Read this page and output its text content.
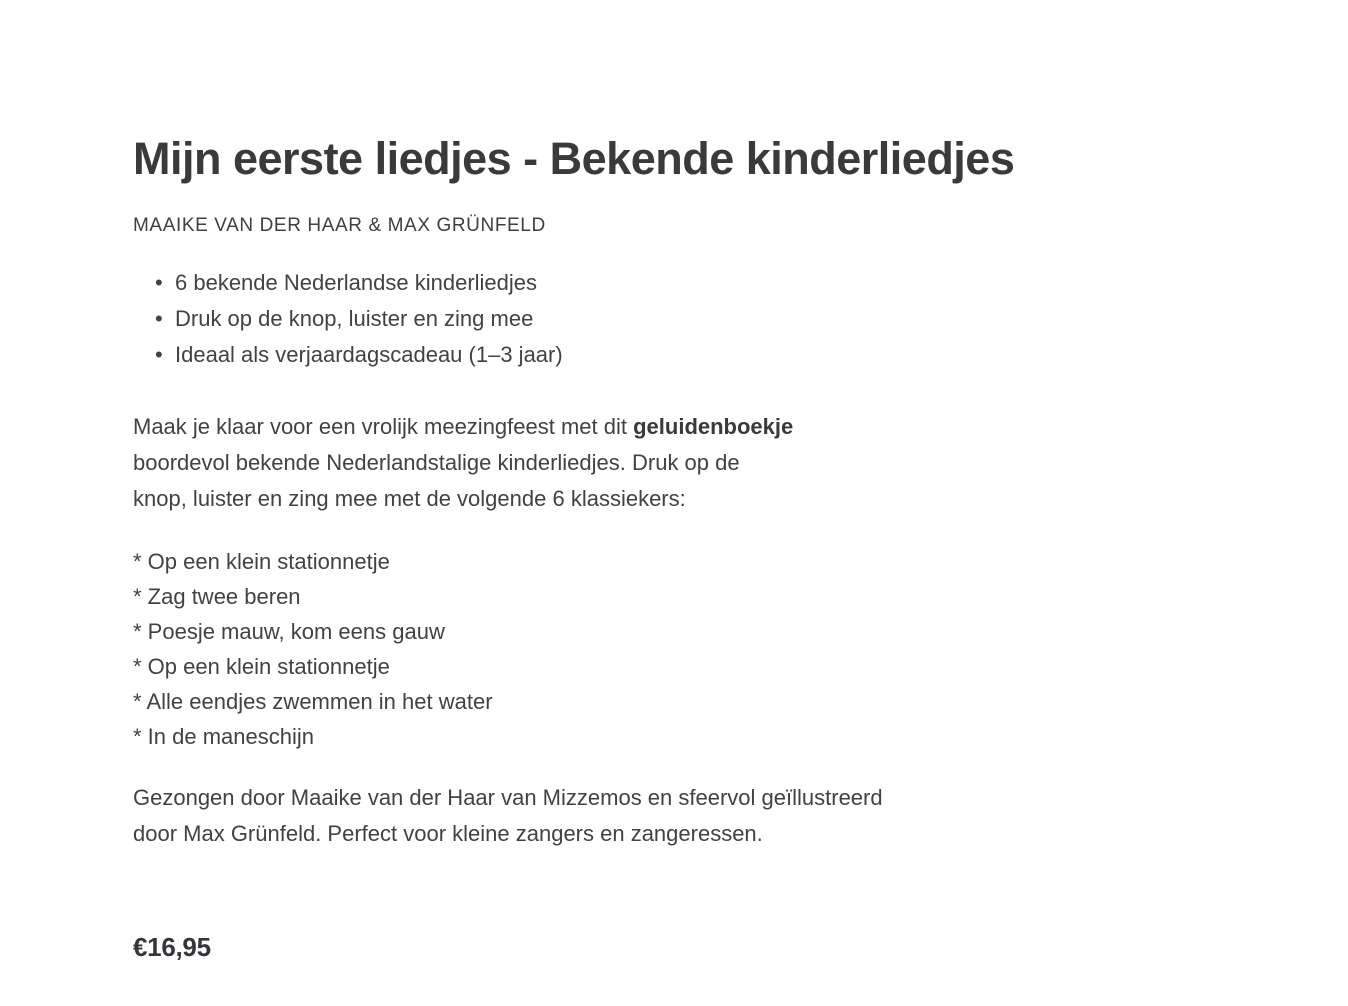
Mijn eerste liedjes - Bekende kinderliedjes
MAAIKE VAN DER HAAR & MAX GRÜNFELD
• 6 bekende Nederlandse kinderliedjes
• Druk op de knop, luister en zing mee
• Ideaal als verjaardagscadeau (1–3 jaar)
Maak je klaar voor een vrolijk meezingfeest met dit geluidenboekje
boordevol bekende Nederlandstalige kinderliedjes. Druk op de
knop, luister en zing mee met de volgende 6 klassiekers:
* Op een klein stationnetje
* Zag twee beren
* Poesje mauw, kom eens gauw
* Op een klein stationnetje
* Alle eendjes zwemmen in het water
* In de maneschijn
Gezongen door Maaike van der Haar van Mizzemos en sfeervol geïllustreerd
door Max Grünfeld. Perfect voor kleine zangers en zangeressen.
€16,95
